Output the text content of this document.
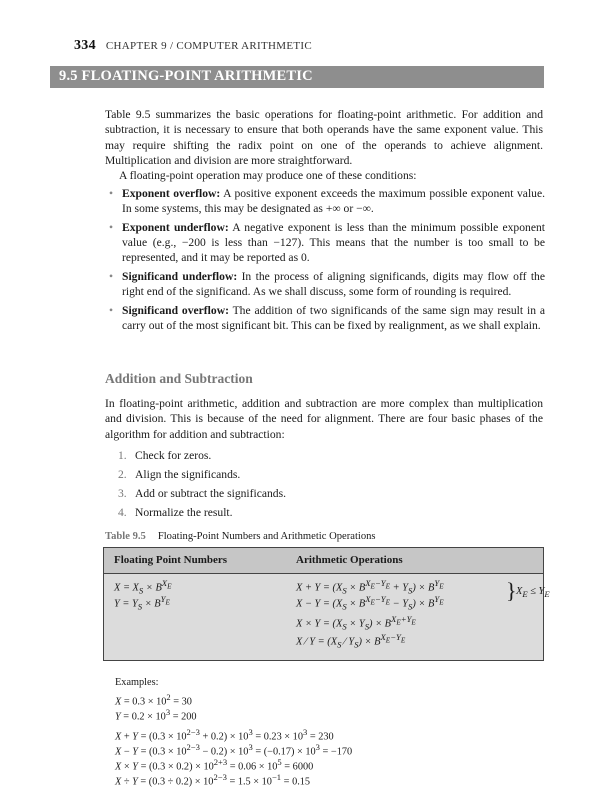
334 CHAPTER 9 / COMPUTER ARITHMETIC
9.5 FLOATING-POINT ARITHMETIC

Table 9.5 summarizes the basic operations for floating-point arithmetic. For addition and subtraction, it is necessary to ensure that both operands have the same exponent value. This may require shifting the radix point on one of the operands to achieve alignment. Multiplication and division are more straightforward.

A floating-point operation may produce one of these conditions:

• Exponent overflow: A positive exponent exceeds the maximum possible exponent value. In some systems, this may be designated as +∞ or −∞.
• Exponent underflow: A negative exponent is less than the minimum possible exponent value (e.g., −200 is less than −127). This means that the number is too small to be represented, and it may be reported as 0.
• Significand underflow: In the process of aligning significands, digits may flow off the right end of the significand. As we shall discuss, some form of rounding is required.
• Significand overflow: The addition of two significands of the same sign may result in a carry out of the most significant bit. This can be fixed by realignment, as we shall explain.
Addition and Subtraction

In floating-point arithmetic, addition and subtraction are more complex than multiplication and division. This is because of the need for alignment. There are four basic phases of the algorithm for addition and subtraction:

1. Check for zeros.
2. Align the significands.
3. Add or subtract the significands.
4. Normalize the result.
Table 9.5 Floating-Point Numbers and Arithmetic Operations
Floating Point Numbers	Arithmetic Operations
$X = X_S \times B^{X_E}$
$Y = Y_S \times B^{Y_E}$
$X + Y = (X_S \times B^{X_E-Y_E} + Y_S) \times B^{Y_E}$
$X - Y = (X_S \times B^{X_E-Y_E} - Y_S) \times B^{Y_E}$	} $X_E \le Y_E$
$X \times Y = (X_S \times Y_S) \times B^{X_E+Y_E}$
X ⁄ $Y = (X_S$ ⁄ $Y_S) \times B^{X_E-Y_E}$
Examples:
$X = 0.3 \times 10^2 = 30$
$Y = 0.2 \times 10^3 = 200$
$X + Y = (0.3 \times 10^{2-3} + 0.2) \times 10^3 = 0.23 \times 10^3 = 230$
$X - Y = (0.3 \times 10^{2-3} - 0.2) \times 10^3 = (-0.17) \times 10^3 = -170$
$X \times Y = (0.3 \times 0.2) \times 10^{2+3} = 0.06 \times 10^5 = 6000$
$X \div Y = (0.3 \div 0.2) \times 10^{2-3} = 1.5 \times 10^{-1} = 0.15$
